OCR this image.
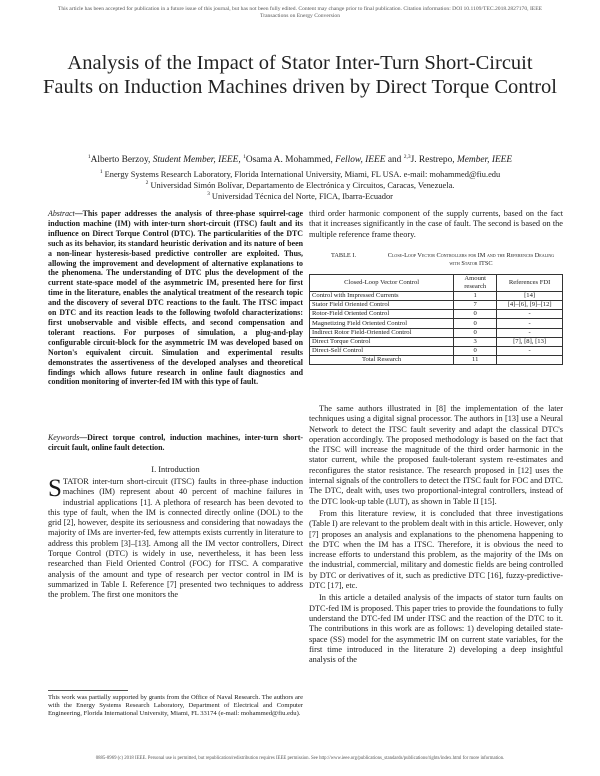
This article has been accepted for publication in a future issue of this journal, but has not been fully edited. Content may change prior to final publication. Citation information: DOI 10.1109/TEC.2018.2827170, IEEE
Transactions on Energy Conversion
Analysis of the Impact of Stator Inter-Turn Short-Circuit Faults on Induction Machines driven by Direct Torque Control
$^1$Alberto Berzoy, Student Member, IEEE, $^1$Osama A. Mohammed, Fellow, IEEE and $^{2,3}$J. Restrepo, Member, IEEE
$^1$ Energy Systems Research Laboratory, Florida International University, Miami, FL USA. e-mail: mohammed@fiu.edu
$^2$ Universidad Simón Bolívar, Departamento de Electrónica y Circuitos, Caracas, Venezuela.
$^3$ Universidad Técnica del Norte, FICA, Ibarra-Ecuador
Abstract—This paper addresses the analysis of three-phase squirrel-cage induction machine (IM) with inter-turn short-circuit (ITSC) fault and its influence on Direct Torque Control (DTC). The particularities of the DTC such as its behavior, its standard heuristic derivation and its nature of been a non-linear hysteresis-based predictive controller are exploited. Thus, allowing the improvement and development of alternative explanations to the phenomena. The understanding of DTC plus the development of the current state-space model of the asymmetric IM, presented here for first time in the literature, enables the analytical treatment of the research topic and the discovery of several DTC reactions to the fault. The ITSC impact on DTC and its reaction leads to the following twofold characterizations: first unobservable and visible effects, and second compensation and tolerant reactions. For purposes of simulation, a plug-and-play configurable circuit-block for the asymmetric IM was developed based on Norton's equivalent circuit. Simulation and experimental results demonstrates the assertiveness of the developed analyses and theoretical findings which allows future research in online fault diagnostics and condition monitoring of inverter-fed IM with this type of fault.
Keywords—Direct torque control, induction machines, inter-turn short-circuit fault, online fault detection.
I. Introduction

STATOR inter-turn short-circuit (ITSC) faults in three-phase induction machines (IM) represent about 40 percent of machine failures in industrial applications [1]. A plethora of research has been devoted to this type of fault, when the IM is connected directly online (DOL) to the grid [2], however, despite its seriousness and considering that nowadays the majority of IMs are inverter-fed, few attempts exists currently in literature to address this problem [3]–[13]. Among all the IM vector controllers, Direct Torque Control (DTC) is widely in use, nevertheless, it has been less researched than Field Oriented Control (FOC) for ITSC. A comparative analysis of the amount and type of research per vector control in IM is summarized in Table I. Reference [7] presented two techniques to address the problem. The first one monitors the

This work was partially supported by grants from the Office of Naval Research. The authors are with the Energy Systems Research Laboratory, Department of Electrical and Computer Engineering, Florida International University, Miami, FL 33174 (e-mail: mohammed@fiu.edu).
third order harmonic component of the supply currents, based on the fact that it increases significantly in the case of fault. The second is based on the multiple reference frame theory.
TABLE I.	Close-Loop Vector Controllers for IM and the References Dealing with Stator ITSC
Closed-Loop Vector Control	Amount research	References FDI
Control with Impressed Currents	1	[14]
Stator Field Oriented Control	7	[4]–[6], [9]–[12]
Rotor-Field Oriented Control	0	-
Magnetizing Field Oriented Control	0	-
Indirect Rotor Field-Oriented Control	0	-
Direct Torque Control	3	[7], [8], [13]
Direct-Self Control	0	-
Total Research	11	

The same authors illustrated in [8] the implementation of the later techniques using a digital signal processor. The authors in [13] use a Neural Network to detect the ITSC fault severity and adapt the classical DTC's operation accordingly. The proposed methodology is based on the fact that the ITSC will increase the magnitude of the third order harmonic in the stator current, while the proposed fault-tolerant system re-estimates and reconfigures the stator resistance. The research proposed in [12] uses the internal signals of the controllers to detect the ITSC fault for FOC and DTC. The DTC, dealt with, uses two proportional-integral controllers, instead of the DTC look-up table (LUT), as shown in Table II [15].

From this literature review, it is concluded that three investigations (Table I) are relevant to the problem dealt with in this article. However, only [7] proposes an analysis and explanations to the phenomena happening to the DTC when the IM has a ITSC. Therefore, it is obvious the need to increase efforts to understand this problem, as the majority of the IMs on the industrial, commercial, military and domestic fields are being controlled by DTC or derivatives of it, such as predictive DTC [16], fuzzy-predictive-DTC [17], etc.

In this article a detailed analysis of the impacts of stator turn faults on DTC-fed IM is proposed. This paper tries to provide the foundations to fully understand the DTC-fed IM under ITSC and the reaction of the DTC to it. The contributions in this work are as follows: 1) developing detailed state-space (SS) model for the asymmetric IM on current state variables, for the first time introduced in the literature 2) developing a deep insightful analysis of the

0885-8969 (c) 2018 IEEE. Personal use is permitted, but republication/redistribution requires IEEE permission. See http://www.ieee.org/publications_standards/publications/rights/index.html for more information.
